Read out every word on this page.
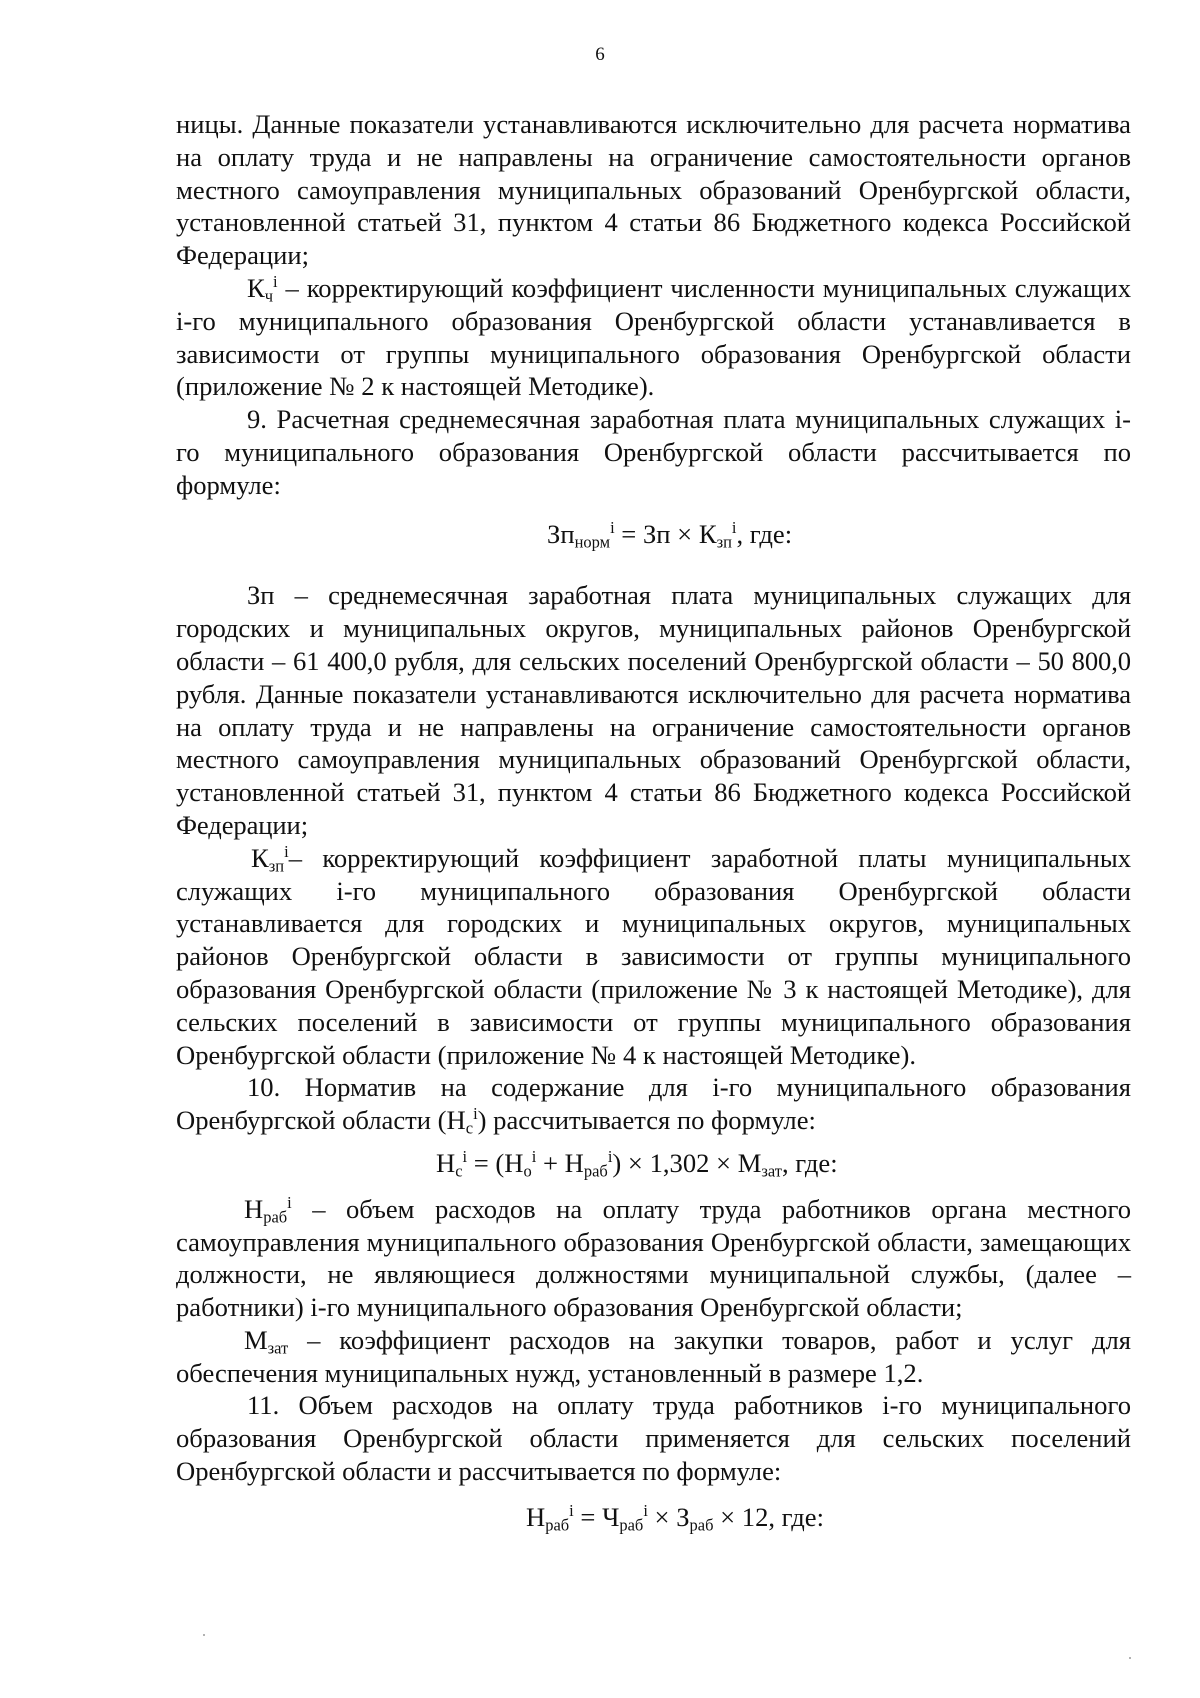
6

ницы. Данные показатели устанавливаются исключительно для расчета норматива на оплату труда и не направлены на ограничение самостоятельности органов местного самоуправления муниципальных образований Оренбургской области, установленной статьей 31, пунктом 4 статьи 86 Бюджетного кодекса Российской Федерации;

$К_ч^i$ – корректирующий коэффициент численности муниципальных служащих i-го муниципального образования Оренбургской области устанавливается в зависимости от группы муниципального образования Оренбургской области (приложение № 2 к настоящей Методике).

9. Расчетная среднемесячная заработная плата муниципальных служащих i-го муниципального образования Оренбургской области рассчитывается по формуле:

$Зп_{норм}^i$ = Зп × $К_{зп}^i$, где:

Зп – среднемесячная заработная плата муниципальных служащих для городских и муниципальных округов, муниципальных районов Оренбургской области – 61 400,0 рубля, для сельских поселений Оренбургской области – 50 800,0 рубля. Данные показатели устанавливаются исключительно для расчета норматива на оплату труда и не направлены на ограничение самостоятельности органов местного самоуправления муниципальных образований Оренбургской области, установленной статьей 31, пунктом 4 статьи 86 Бюджетного кодекса Российской Федерации;

$К_{зп}^i-$ корректирующий коэффициент заработной платы муниципальных служащих i-го муниципального образования Оренбургской области устанавливается для городских и муниципальных округов, муниципальных районов Оренбургской области в зависимости от группы муниципального образования Оренбургской области (приложение № 3 к настоящей Методике), для сельских поселений в зависимости от группы муниципального образования Оренбургской области (приложение № 4 к настоящей Методике).

10. Норматив на содержание для i-го муниципального образования Оренбургской области $(Н_с^i)$ рассчитывается по формуле:

$Н_с^i = (Н_о^i + Н_{раб}^i) \times 1,302 \times М_{зат}$, где:

$Н_{раб}^i$ – объем расходов на оплату труда работников органа местного самоуправления муниципального образования Оренбургской области, замещающих должности, не являющиеся должностями муниципальной службы, (далее – работники) i-го муниципального образования Оренбургской области;

$М_{зат}$ – коэффициент расходов на закупки товаров, работ и услуг для обеспечения муниципальных нужд, установленный в размере 1,2.

11. Объем расходов на оплату труда работников i-го муниципального образования Оренбургской области применяется для сельских поселений Оренбургской области и рассчитывается по формуле:

$Н_{раб}^i = Ч_{раб}^i \times З_{раб} \times 12$, где:
